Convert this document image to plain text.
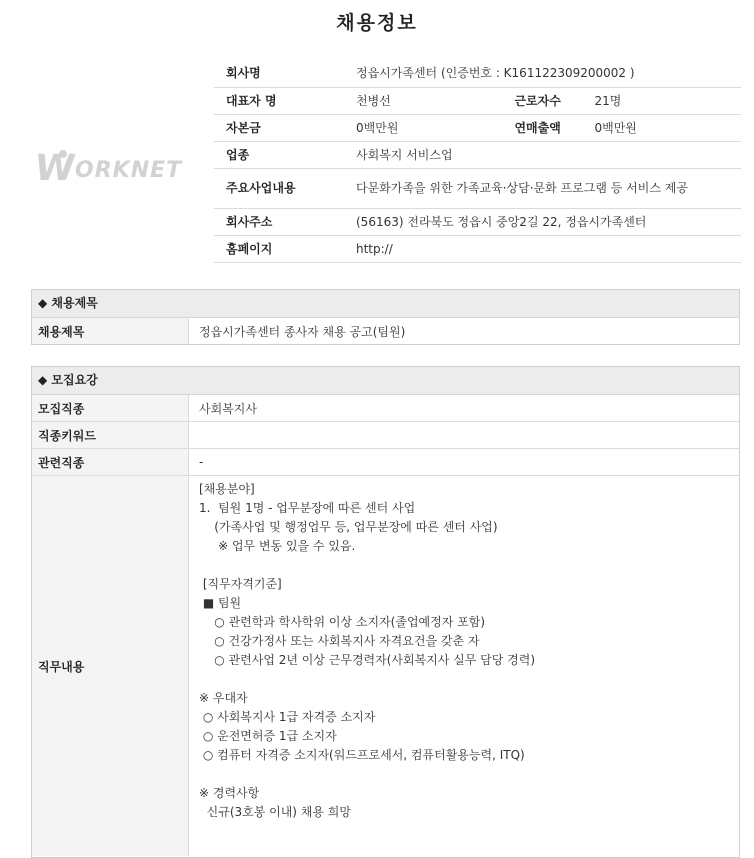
채용정보
W ORKNET
회사명	정읍시가족센터 (인증번호 : K161122309200002 )		
대표자 명	천병선	근로자수	21명
자본금	0백만원	연매출액	0백만원
업종	사회복지 서비스업		
주요사업내용	다문화가족을 위한 가족교육·상담·문화 프로그램 등 서비스 제공		
회사주소	(56163) 전라북도 정읍시 중앙2길 22, 정읍시가족센터		
홈페이지	http://		
◆ 채용제목
채용제목	정읍시가족센터 종사자 채용 공고(팀원)
◆ 모집요강
모집직종	사회복지사
직종키워드
관련직종	-
직무내용
[채용분야]
1.  팀원 1명 - 업무분장에 따른 센터 사업
(가족사업 및 행정업무 등, 업무분장에 따른 센터 사업)
※ 업무 변동 있을 수 있음.
[직무자격기준]
■ 팀원
○ 관련학과 학사학위 이상 소지자(졸업예정자 포함)
○ 건강가정사 또는 사회복지사 자격요건을 갖춘 자
○ 관련사업 2년 이상 근무경력자(사회복지사 실무 담당 경력)
※ 우대자
○ 사회복지사 1급 자격증 소지자
○ 운전면허증 1급 소지자
○ 컴퓨터 자격증 소지자(워드프로세서, 컴퓨터활용능력, ITQ)
※ 경력사항
신규(3호봉 이내) 채용 희망
